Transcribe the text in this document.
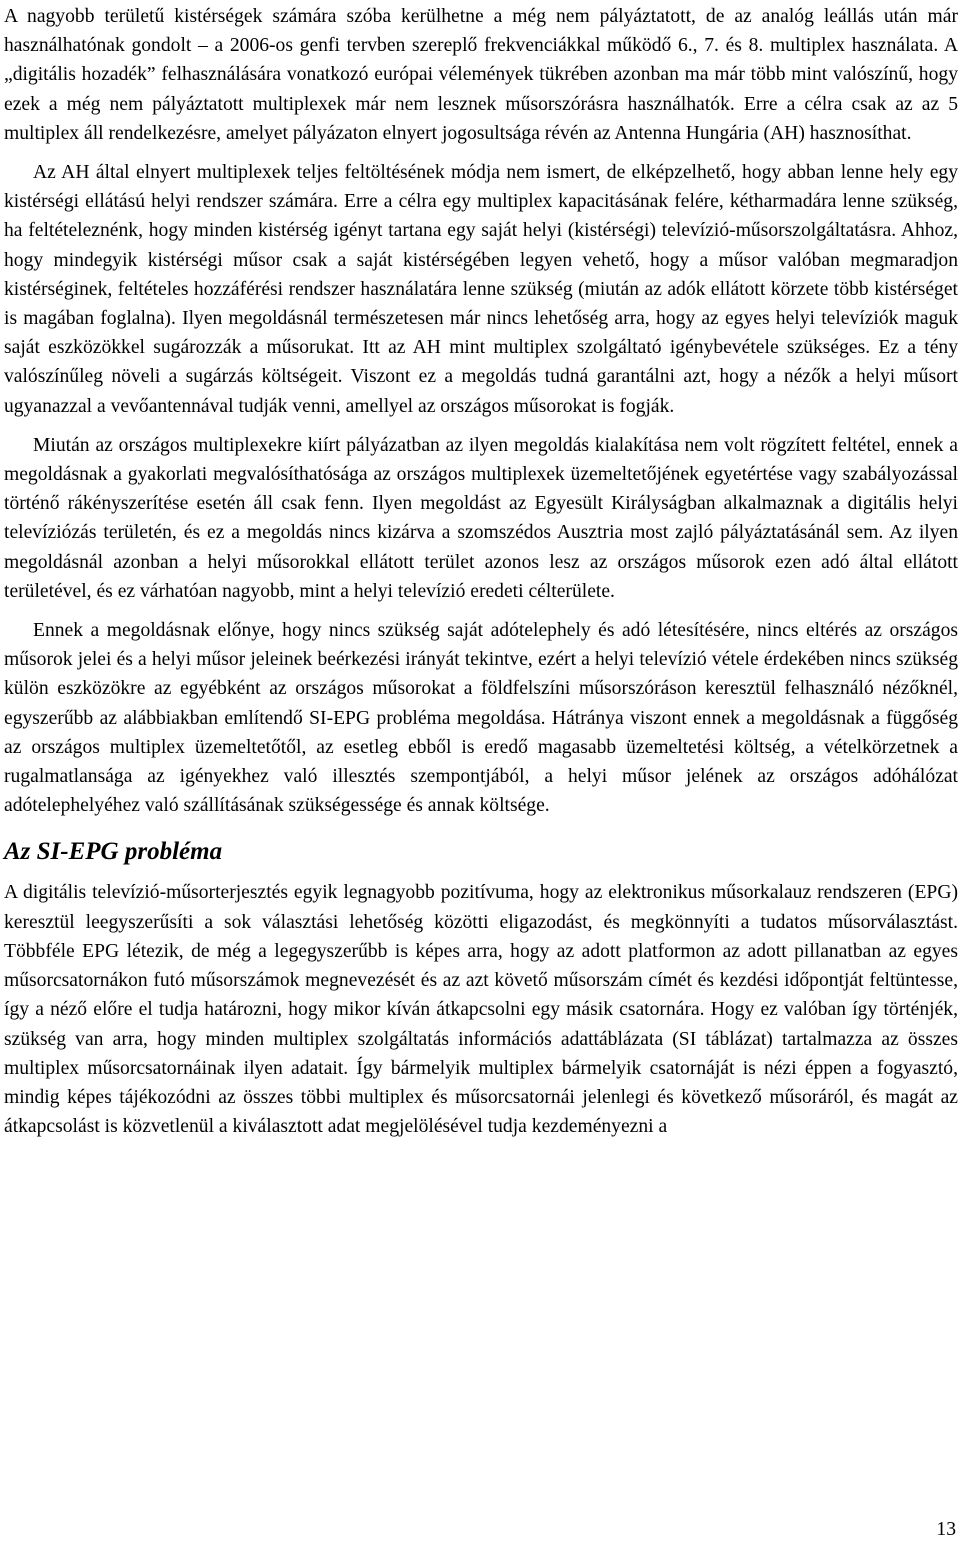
A nagyobb területű kistérségek számára szóba kerülhetne a még nem pályáztatott, de az analóg leállás után már használhatónak gondolt – a 2006-os genfi tervben szereplő frekvenciákkal működő 6., 7. és 8. multiplex használata. A „digitális hozadék” felhasználására vonatkozó európai vélemények tükrében azonban ma már több mint valószínű, hogy ezek a még nem pályáztatott multiplexek már nem lesznek műsorszórásra használhatók. Erre a célra csak az az 5 multiplex áll rendelkezésre, amelyet pályázaton elnyert jogosultsága révén az Antenna Hungária (AH) hasznosíthat.

Az AH által elnyert multiplexek teljes feltöltésének módja nem ismert, de elképzelhető, hogy abban lenne hely egy kistérségi ellátású helyi rendszer számára. Erre a célra egy multiplex kapacitásának felére, kétharmadára lenne szükség, ha feltételeznénk, hogy minden kistérség igényt tartana egy saját helyi (kistérségi) televízió-műsorszolgáltatásra. Ahhoz, hogy mindegyik kistérségi műsor csak a saját kistérségében legyen vehető, hogy a műsor valóban megmaradjon kistérséginek, feltételes hozzáférési rendszer használatára lenne szükség (miután az adók ellátott körzete több kistérséget is magában foglalna). Ilyen megoldásnál természetesen már nincs lehetőség arra, hogy az egyes helyi televíziók maguk saját eszközökkel sugározzák a műsorukat. Itt az AH mint multiplex szolgáltató igénybevétele szükséges. Ez a tény valószínűleg növeli a sugárzás költségeit. Viszont ez a megoldás tudná garantálni azt, hogy a nézők a helyi műsort ugyanazzal a vevőantennával tudják venni, amellyel az országos műsorokat is fogják.

Miután az országos multiplexekre kiírt pályázatban az ilyen megoldás kialakítása nem volt rögzített feltétel, ennek a megoldásnak a gyakorlati megvalósíthatósága az országos multiplexek üzemeltetőjének egyetértése vagy szabályozással történő rákényszerítése esetén áll csak fenn. Ilyen megoldást az Egyesült Királyságban alkalmaznak a digitális helyi televíziózás területén, és ez a megoldás nincs kizárva a szomszédos Ausztria most zajló pályáztatásánál sem. Az ilyen megoldásnál azonban a helyi műsorokkal ellátott terület azonos lesz az országos műsorok ezen adó által ellátott területével, és ez várhatóan nagyobb, mint a helyi televízió eredeti célterülete.

Ennek a megoldásnak előnye, hogy nincs szükség saját adótelephely és adó létesítésére, nincs eltérés az országos műsorok jelei és a helyi műsor jeleinek beérkezési irányát tekintve, ezért a helyi televízió vétele érdekében nincs szükség külön eszközökre az egyébként az országos műsorokat a földfelszíni műsorszóráson keresztül felhasználó nézőknél, egyszerűbb az alábbiakban említendő SI-EPG probléma megoldása. Hátránya viszont ennek a megoldásnak a függőség az országos multiplex üzemeltetőtől, az esetleg ebből is eredő magasabb üzemeltetési költség, a vételkörzetnek a rugalmatlansága az igényekhez való illesztés szempontjából, a helyi műsor jelének az országos adóhálózat adótelephelyéhez való szállításának szükségessége és annak költsége.

Az SI-EPG probléma

A digitális televízió-műsorterjesztés egyik legnagyobb pozitívuma, hogy az elektronikus műsorkalauz rendszeren (EPG) keresztül leegyszerűsíti a sok választási lehetőség közötti eligazodást, és megkönnyíti a tudatos műsorválasztást. Többféle EPG létezik, de még a legegyszerűbb is képes arra, hogy az adott platformon az adott pillanatban az egyes műsorcsatornákon futó műsorszámok megnevezését és az azt követő műsorszám címét és kezdési időpontját feltüntesse, így a néző előre el tudja határozni, hogy mikor kíván átkapcsolni egy másik csatornára. Hogy ez valóban így történjék, szükség van arra, hogy minden multiplex szolgáltatás információs adattáblázata (SI táblázat) tartalmazza az összes multiplex műsorcsatornáinak ilyen adatait. Így bármelyik multiplex bármelyik csatornáját is nézi éppen a fogyasztó, mindig képes tájékozódni az összes többi multiplex és műsorcsatornái jelenlegi és következő műsoráról, és magát az átkapcsolást is közvetlenül a kiválasztott adat megjelölésével tudja kezdeményezni a

13
